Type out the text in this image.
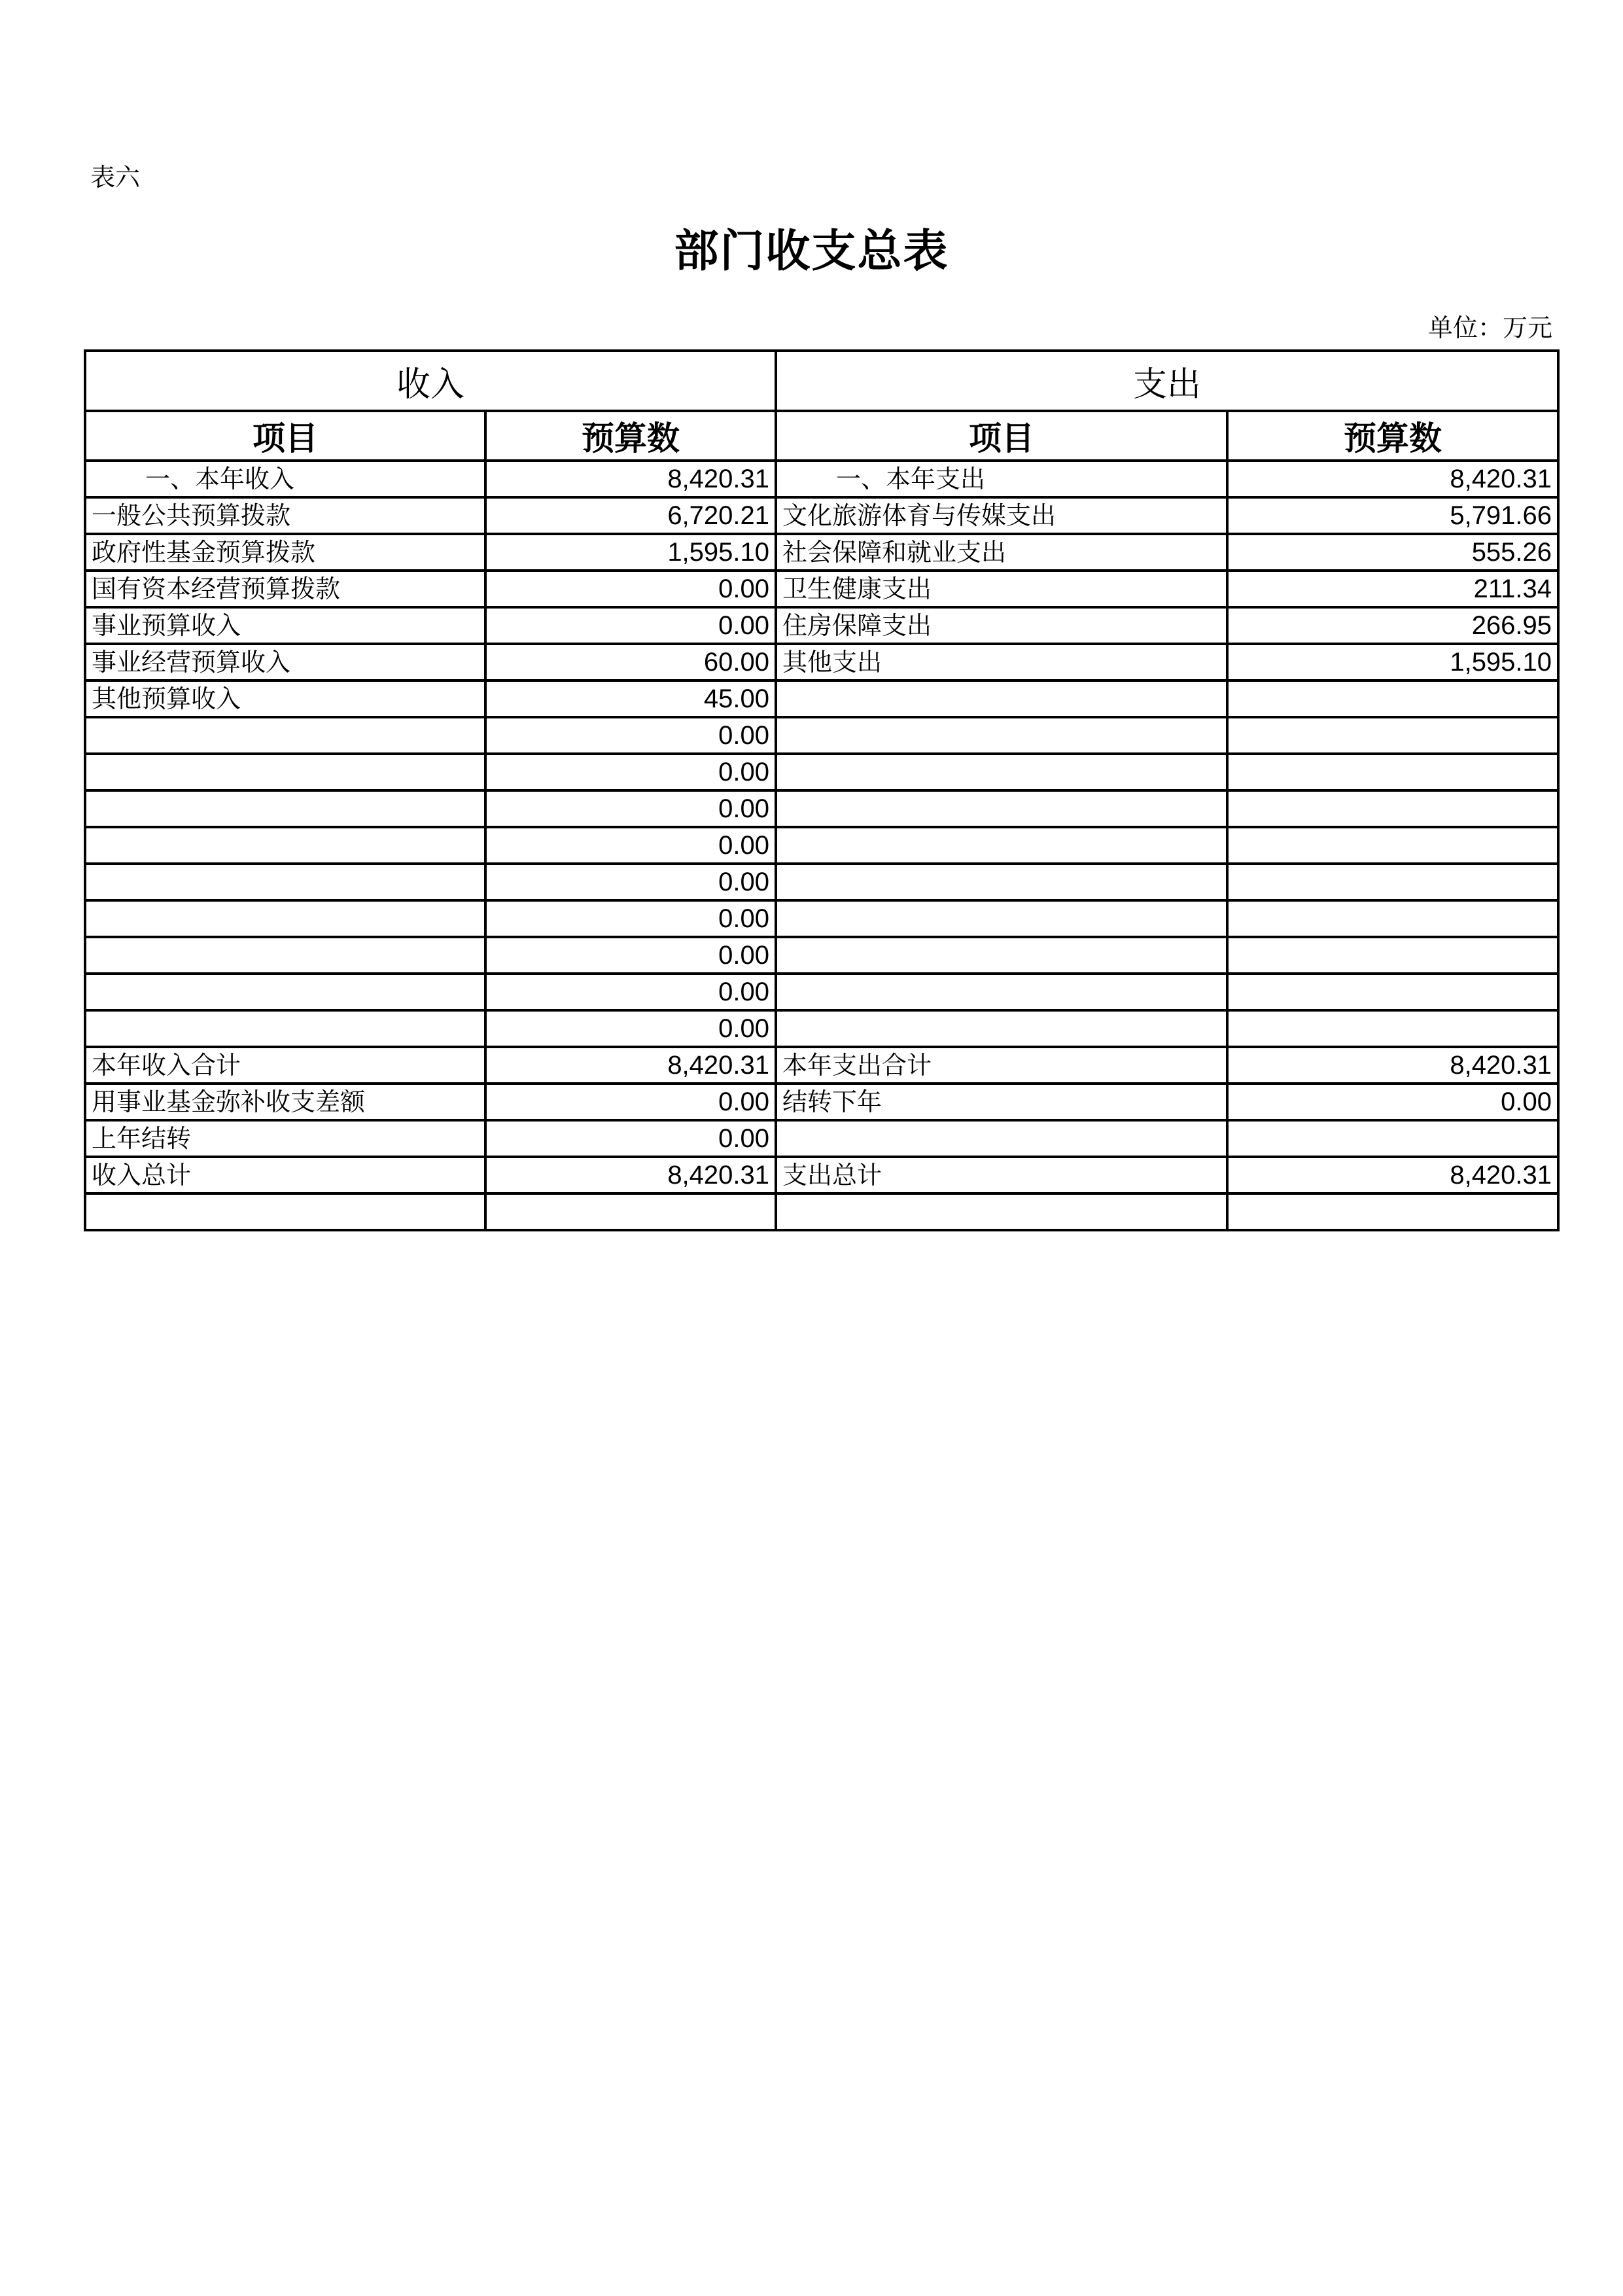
表六
部门收支总表
单位：万元
收入		支出	
项目	预算数	项目	预算数
一、本年收入	8,420.31	一、本年支出	8,420.31
一般公共预算拨款	6,720.21	文化旅游体育与传媒支出	5,791.66
政府性基金预算拨款	1,595.10	社会保障和就业支出	555.26
国有资本经营预算拨款	0.00	卫生健康支出	211.34
事业预算收入	0.00	住房保障支出	266.95
事业经营预算收入	60.00	其他支出	1,595.10
其他预算收入	45.00		
	0.00		
	0.00		
	0.00		
	0.00		
	0.00		
	0.00		
	0.00		
	0.00		
	0.00		
本年收入合计	8,420.31	本年支出合计	8,420.31
用事业基金弥补收支差额	0.00	结转下年	0.00
上年结转	0.00		
收入总计	8,420.31	支出总计	8,420.31
